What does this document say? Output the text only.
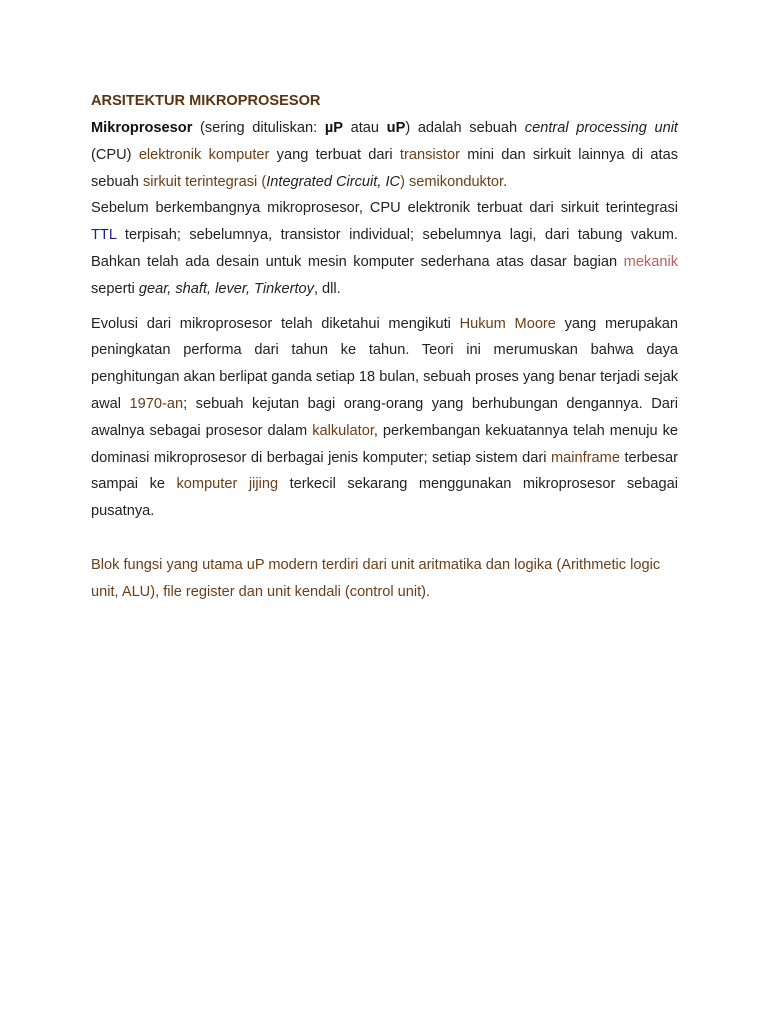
ARSITEKTUR MIKROPROSESOR

Mikroprosesor (sering dituliskan: µP atau uP) adalah sebuah central processing unit (CPU) elektronik komputer yang terbuat dari transistor mini dan sirkuit lainnya di atas sebuah sirkuit terintegrasi (Integrated Circuit, IC) semikonduktor.

Sebelum berkembangnya mikroprosesor, CPU elektronik terbuat dari sirkuit terintegrasi TTL terpisah; sebelumnya, transistor individual; sebelumnya lagi, dari tabung vakum. Bahkan telah ada desain untuk mesin komputer sederhana atas dasar bagian mekanik seperti gear, shaft, lever, Tinkertoy, dll.

Evolusi dari mikroprosesor telah diketahui mengikuti Hukum Moore yang merupakan peningkatan performa dari tahun ke tahun. Teori ini merumuskan bahwa daya penghitungan akan berlipat ganda setiap 18 bulan, sebuah proses yang benar terjadi sejak awal 1970-an; sebuah kejutan bagi orang-orang yang berhubungan dengannya. Dari awalnya sebagai prosesor dalam kalkulator, perkembangan kekuatannya telah menuju ke dominasi mikroprosesor di berbagai jenis komputer; setiap sistem dari mainframe terbesar sampai ke komputer jijing terkecil sekarang menggunakan mikroprosesor sebagai pusatnya.

Blok fungsi yang utama uP modern terdiri dari unit aritmatika dan logika (Arithmetic logic unit, ALU), file register dan unit kendali (control unit).
